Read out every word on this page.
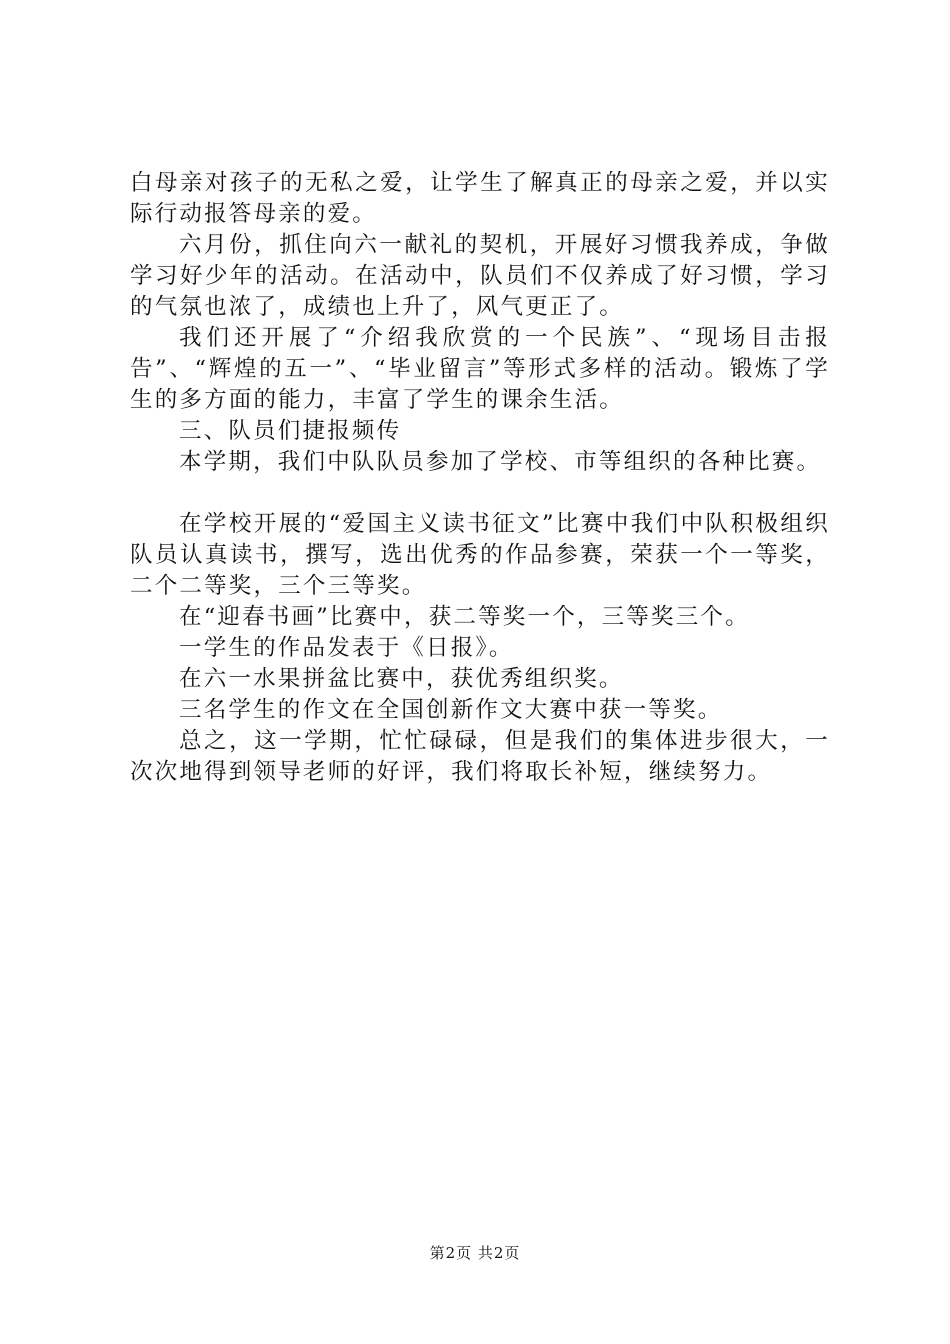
白母亲对孩子的无私之爱，让学生了解真正的母亲之爱，并以实际行动报答母亲的爱。

六月份，抓住向六一献礼的契机，开展好习惯我养成，争做学习好少年的活动。在活动中，队员们不仅养成了好习惯，学习的气氛也浓了，成绩也上升了，风气更正了。

我们还开展了“介绍我欣赏的一个民族”、“现场目击报告”、“辉煌的五一”、“毕业留言”等形式多样的活动。锻炼了学生的多方面的能力，丰富了学生的课余生活。

三、队员们捷报频传

本学期，我们中队队员参加了学校、市等组织的各种比赛。

在学校开展的“爱国主义读书征文”比赛中我们中队积极组织队员认真读书，撰写，选出优秀的作品参赛，荣获一个一等奖，二个二等奖，三个三等奖。

在“迎春书画”比赛中，获二等奖一个，三等奖三个。

一学生的作品发表于《日报》。

在六一水果拼盆比赛中，获优秀组织奖。

三名学生的作文在全国创新作文大赛中获一等奖。

总之，这一学期，忙忙碌碌，但是我们的集体进步很大，一次次地得到领导老师的好评，我们将取长补短，继续努力。

第2页 共2页
